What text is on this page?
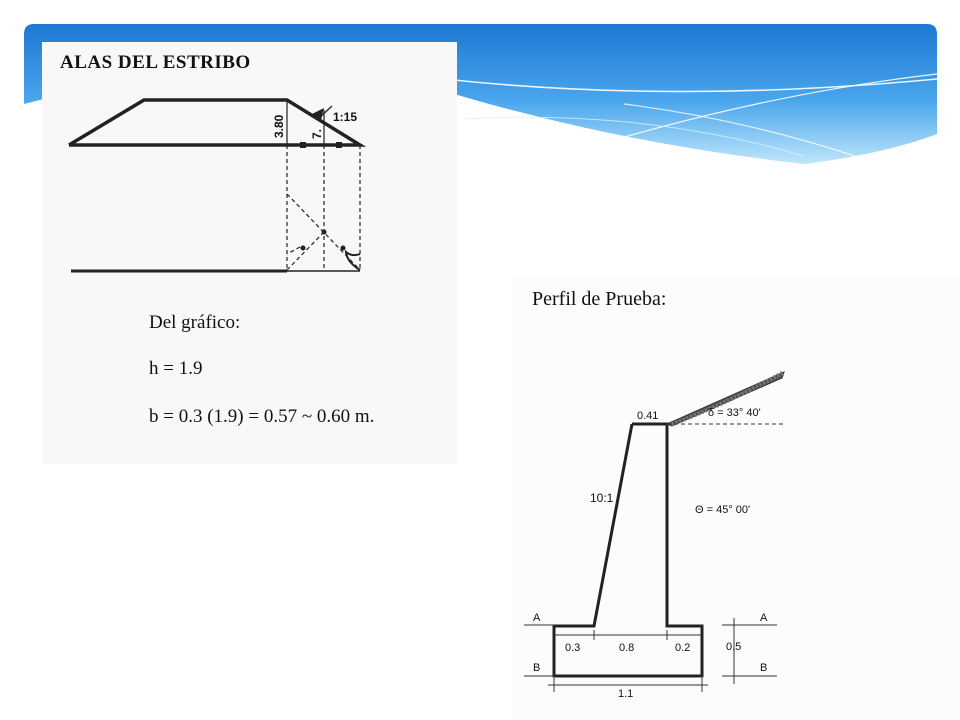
3.80 7.
1:15
ALAS DEL ESTRIBO
Del gráfico:
h = 1.9
b = 0.3 (1.9) = 0.57 ~ 0.60 m.
Perfil de Prueba:
0.41	δ = 33° 40'
10:1
Θ = 45° 00'
A	A
B	B
0.3	0.8	0.2	0.5
1.1
